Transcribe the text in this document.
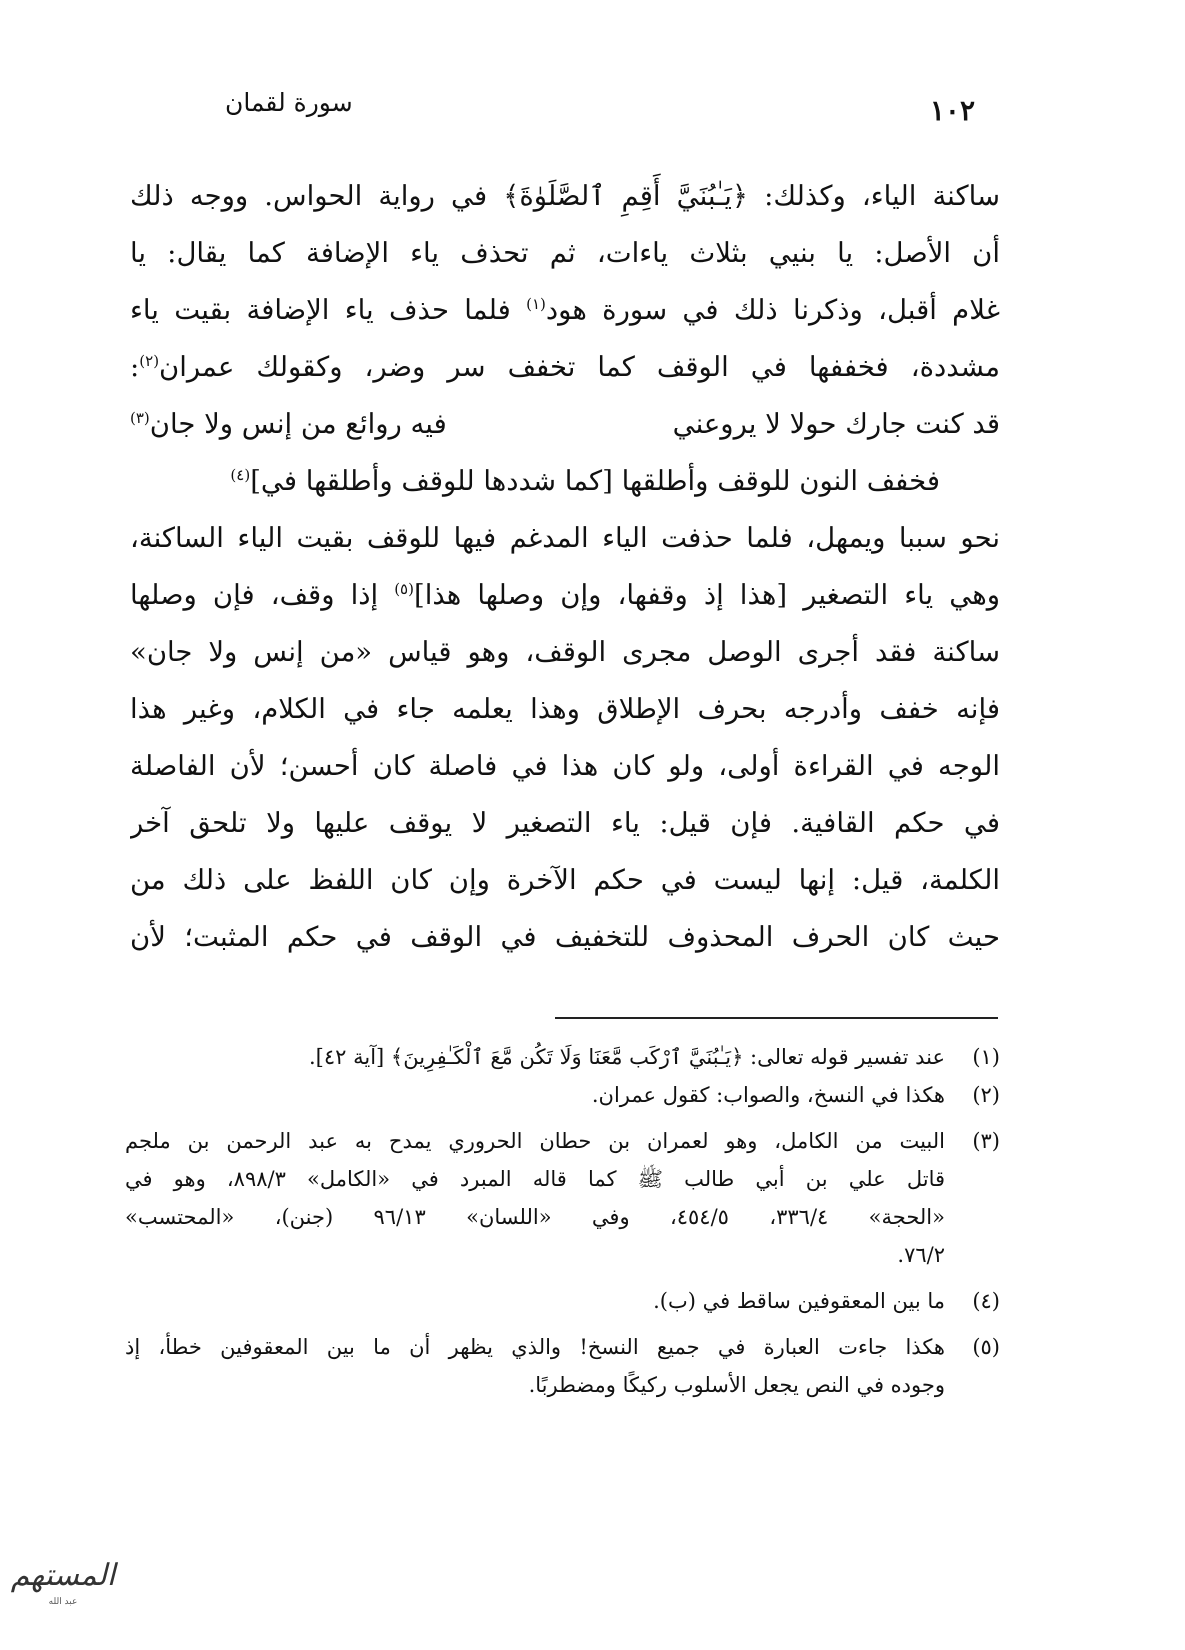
١٠٢
سورة لقمان
ساكنة الياء، وكذلك: ﴿يَـٰبُنَيَّ أَقِمِ ٱلصَّلَوٰةَ﴾ في رواية الحواس. ووجه ذلك
أن الأصل: يا بنيي بثلاث ياءات، ثم تحذف ياء الإضافة كما يقال: يا
غلام أقبل، وذكرنا ذلك في سورة هود$^{(١)}$ فلما حذف ياء الإضافة بقيت ياء
مشددة، فخففها في الوقف كما تخفف سر وضر، وكقولك عمران$^{(٢)}$:
قد كنت جارك حولا لا يروعني
فيه روائع من إنس ولا جان$^{(٣)}$
فخفف النون للوقف وأطلقها [كما شددها للوقف وأطلقها في]$^{(٤)}$
نحو سببا ويمهل، فلما حذفت الياء المدغم فيها للوقف بقيت الياء الساكنة،
وهي ياء التصغير [هذا إذ وقفها، وإن وصلها هذا]$^{(٥)}$ إذا وقف، فإن وصلها
ساكنة فقد أجرى الوصل مجرى الوقف، وهو قياس «من إنس ولا جان»
فإنه خفف وأدرجه بحرف الإطلاق وهذا يعلمه جاء في الكلام، وغير هذا
الوجه في القراءة أولى، ولو كان هذا في فاصلة كان أحسن؛ لأن الفاصلة
في حكم القافية. فإن قيل: ياء التصغير لا يوقف عليها ولا تلحق آخر
الكلمة، قيل: إنها ليست في حكم الآخرة وإن كان اللفظ على ذلك من
حيث كان الحرف المحذوف للتخفيف في الوقف في حكم المثبت؛ لأن
(١)
عند تفسير قوله تعالى: ﴿يَـٰبُنَيَّ ٱرْكَب مَّعَنَا وَلَا تَكُن مَّعَ ٱلْكَـٰفِرِينَ﴾ [آية ٤٢].
(٢)
هكذا في النسخ، والصواب: كقول عمران.
(٣)
البيت من الكامل، وهو لعمران بن حطان الحروري يمدح به عبد الرحمن بن ملجم
قاتل علي بن أبي طالب ﷺ كما قاله المبرد في «الكامل» ٨٩٨/٣، وهو في
«الحجة» ٣٣٦/٤، ٤٥٤/٥، وفي «اللسان» ٩٦/١٣ (جنن)، «المحتسب»
٧٦/٢.
(٤)
ما بين المعقوفين ساقط في (ب).
(٥)
هكذا جاءت العبارة في جميع النسخ! والذي يظهر أن ما بين المعقوفين خطأ، إذ
وجوده في النص يجعل الأسلوب ركيكًا ومضطربًا.
المستهم
عبد الله
